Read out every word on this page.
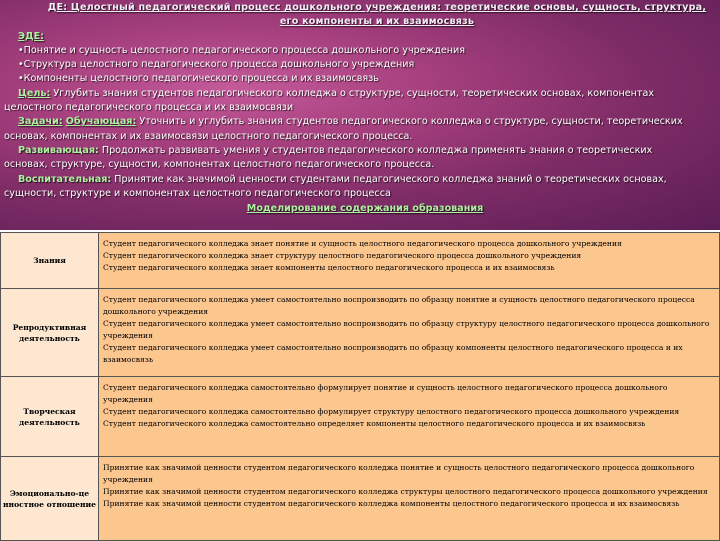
ДЕ: Целостный педагогический процесс дошкольного учреждения: теоретические основы, сущность, структура,
его компоненты и их взаимосвязь
ЭДЕ:
•Понятие и сущность целостного педагогического процесса дошкольного учреждения
•Структура целостного педагогического процесса дошкольного учреждения
•Компоненты целостного педагогического процесса и их взаимосвязь

Цель: Углубить знания студентов педагогического колледжа о структуре, сущности, теоретических основах, компонентах целостного педагогического процесса и их взаимосвязи

Задачи: Обучающая: Уточнить и углубить знания студентов педагогического колледжа о структуре, сущности, теоретических основах, компонентах и их взаимосвязи целостного педагогического процесса.

Развивающая: Продолжать развивать умения у студентов педагогического колледжа применять знания о теоретических основах, структуре, сущности, компонентах целостного педагогического процесса.

Воспитательная: Принятие как значимой ценности студентами педагогического колледжа знаний о теоретических основах, сущности, структуре и компонентах целостного педагогического процесса

Моделирование содержания образования
Знания	Студент педагогического колледжа знает понятие и сущность целостного педагогического процесса дошкольного учреждения
Студент педагогического колледжа знает структуру целостного педагогического процесса дошкольного учреждения
Студент педагогического колледжа знает компоненты целостного педагогического процесса и их взаимосвязь

Репродуктивная деятельность	Студент педагогического колледжа умеет самостоятельно воспроизводить по образцу понятие и сущность целостного педагогического процесса дошкольного учреждения
Студент педагогического колледжа умеет самостоятельно воспроизводить по образцу структуру целостного педагогического процесса дошкольного учреждения
Студент педагогического колледжа умеет самостоятельно воспроизводить по образцу компоненты целостного педагогического процесса и их взаимосвязь

Творческая деятельность	Студент педагогического колледжа самостоятельно формулирует понятие и сущность целостного педагогического процесса дошкольного учреждения
Студент педагогического колледжа самостоятельно формулирует структуру целостного педагогического процесса дошкольного учреждения
Студент педагогического колледжа самостоятельно определяет компоненты целостного педагогического процесса и их взаимосвязь

Эмоционально-це нностное отношение	Принятие как значимой ценности студентом педагогического колледжа понятие и сущность целостного педагогического процесса дошкольного учреждения
Принятие как значимой ценности студентом педагогического колледжа структуры целостного педагогического процесса дошкольного учреждения
Принятие как значимой ценности студентом педагогического колледжа компоненты целостного педагогического процесса и их взаимосвязь
